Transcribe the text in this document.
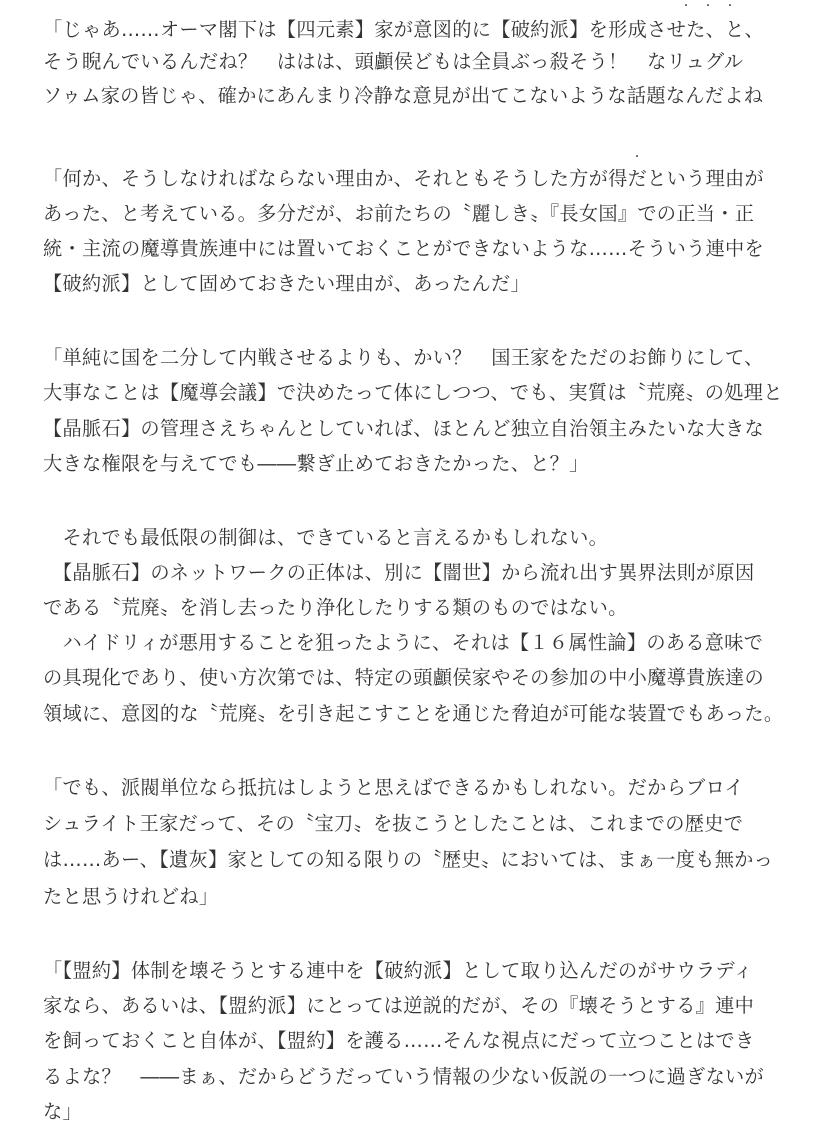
・・・
・
「じゃあ……オーマ閣下は【四元素】家が意図的に【破約派】を形成させた、と、
そう睨んでいるんだね？　ははは、頭顱侯どもは全員ぶっ殺そう！　なリュグル
ソゥム家の皆じゃ、確かにあんまり冷静な意見が出てこないような話題なんだよね
「何か、そうしなければならない理由か、それともそうした方が得だという理由が
あった、と考えている。多分だが、お前たちの〝麗しき〟『長女国』での正当・正
統・主流の魔導貴族連中には置いておくことができないような……そういう連中を
【破約派】として固めておきたい理由が、あったんだ」
「単純に国を二分して内戦させるよりも、かい？　国王家をただのお飾りにして、
大事なことは【魔導会議】で決めたって体にしつつ、でも、実質は〝荒廃〟の処理と
【晶脈石】の管理さえちゃんとしていれば、ほとんど独立自治領主みたいな大きな
大きな権限を与えてでも――繋ぎ止めておきたかった、と？」
　それでも最低限の制御は、できていると言えるかもしれない。
　【晶脈石】のネットワークの正体は、別に【闇世】から流れ出す異界法則が原因
である〝荒廃〟を消し去ったり浄化したりする類のものではない。
　ハイドリィが悪用することを狙ったように、それは【１６属性論】のある意味で
の具現化であり、使い方次第では、特定の頭顱侯家やその参加の中小魔導貴族達の
領域に、意図的な〝荒廃〟を引き起こすことを通じた脅迫が可能な装置でもあった。
「でも、派閥単位なら抵抗はしようと思えばできるかもしれない。だからブロイ
シュライト王家だって、その〝宝刀〟を抜こうとしたことは、これまでの歴史で
は……あー、【遺灰】家としての知る限りの〝歴史〟においては、まぁ一度も無かっ
たと思うけれどね」
「【盟約】体制を壊そうとする連中を【破約派】として取り込んだのがサウラディ
家なら、あるいは、【盟約派】にとっては逆説的だが、その『壊そうとする』連中
を飼っておくこと自体が、【盟約】を護る……そんな視点にだって立つことはでき
るよな？　――まぁ、だからどうだっていう情報の少ない仮説の一つに過ぎないが
な」
